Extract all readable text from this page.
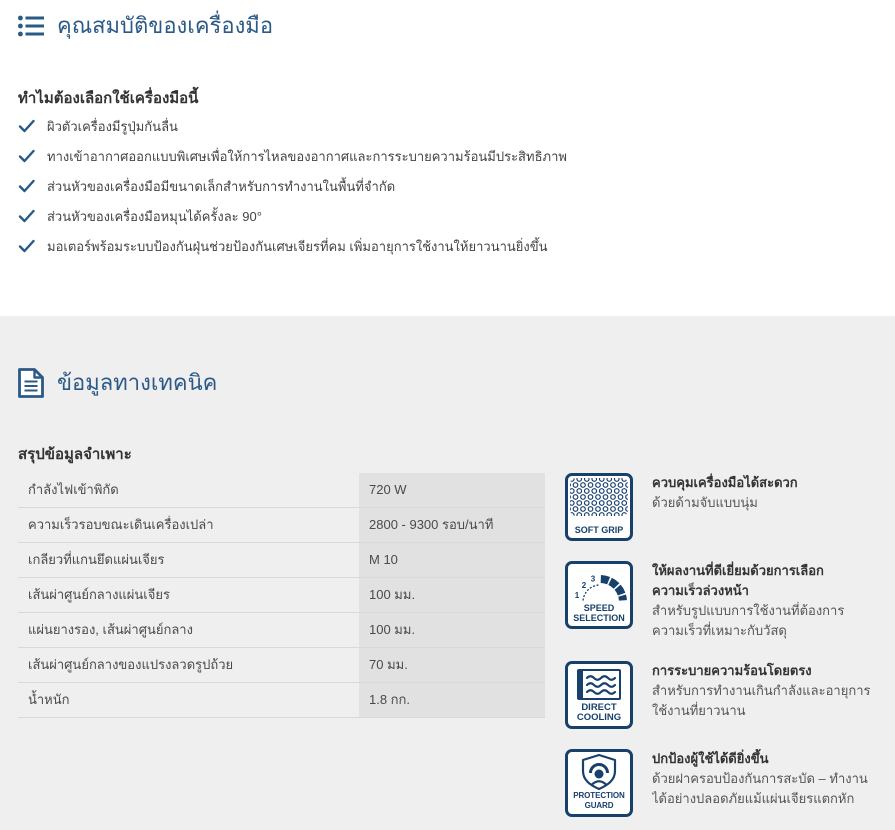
คุณสมบัติของเครื่องมือ
ทำไมต้องเลือกใช้เครื่องมือนี้
ผิวตัวเครื่องมีรูปุ่มกันลื่น
ทางเข้าอากาศออกแบบพิเศษเพื่อให้การไหลของอากาศและการระบายความร้อนมีประสิทธิภาพ
ส่วนหัวของเครื่องมือมีขนาดเล็กสำหรับการทำงานในพื้นที่จำกัด
ส่วนหัวของเครื่องมือหมุนได้ครั้งละ 90°
มอเตอร์พร้อมระบบป้องกันฝุ่นช่วยป้องกันเศษเจียรที่คม เพิ่มอายุการใช้งานให้ยาวนานยิ่งขึ้น
ข้อมูลทางเทคนิค
สรุปข้อมูลจำเพาะ
กำลังไฟเข้าพิกัด	720 W
ความเร็วรอบขณะเดินเครื่องเปล่า	2800 - 9300 รอบ/นาที
เกลียวที่แกนยึดแผ่นเจียร	M 10
เส้นผ่าศูนย์กลางแผ่นเจียร	100 มม.
แผ่นยางรอง, เส้นผ่าศูนย์กลาง	100 มม.
เส้นผ่าศูนย์กลางของแปรงลวดรูปถ้วย	70 มม.
น้ำหนัก	1.8 กก.
SOFT GRIP
ควบคุมเครื่องมือได้สะดวก
ด้วยด้ามจับแบบนุ่ม
1
2
3
SPEED
SELECTION
ให้ผลงานที่ดีเยี่ยมด้วยการเลือก
ความเร็วล่วงหน้า
สำหรับรูปแบบการใช้งานที่ต้องการ
ความเร็วที่เหมาะกับวัสดุ
DIRECT
COOLING
การระบายความร้อนโดยตรง
สำหรับการทำงานเกินกำลังและอายุการ
ใช้งานที่ยาวนาน
PROTECTION
GUARD
ปกป้องผู้ใช้ได้ดียิ่งขึ้น
ด้วยฝาครอบป้องกันการสะบัด – ทำงาน
ได้อย่างปลอดภัยแม้แผ่นเจียรแตกหัก
